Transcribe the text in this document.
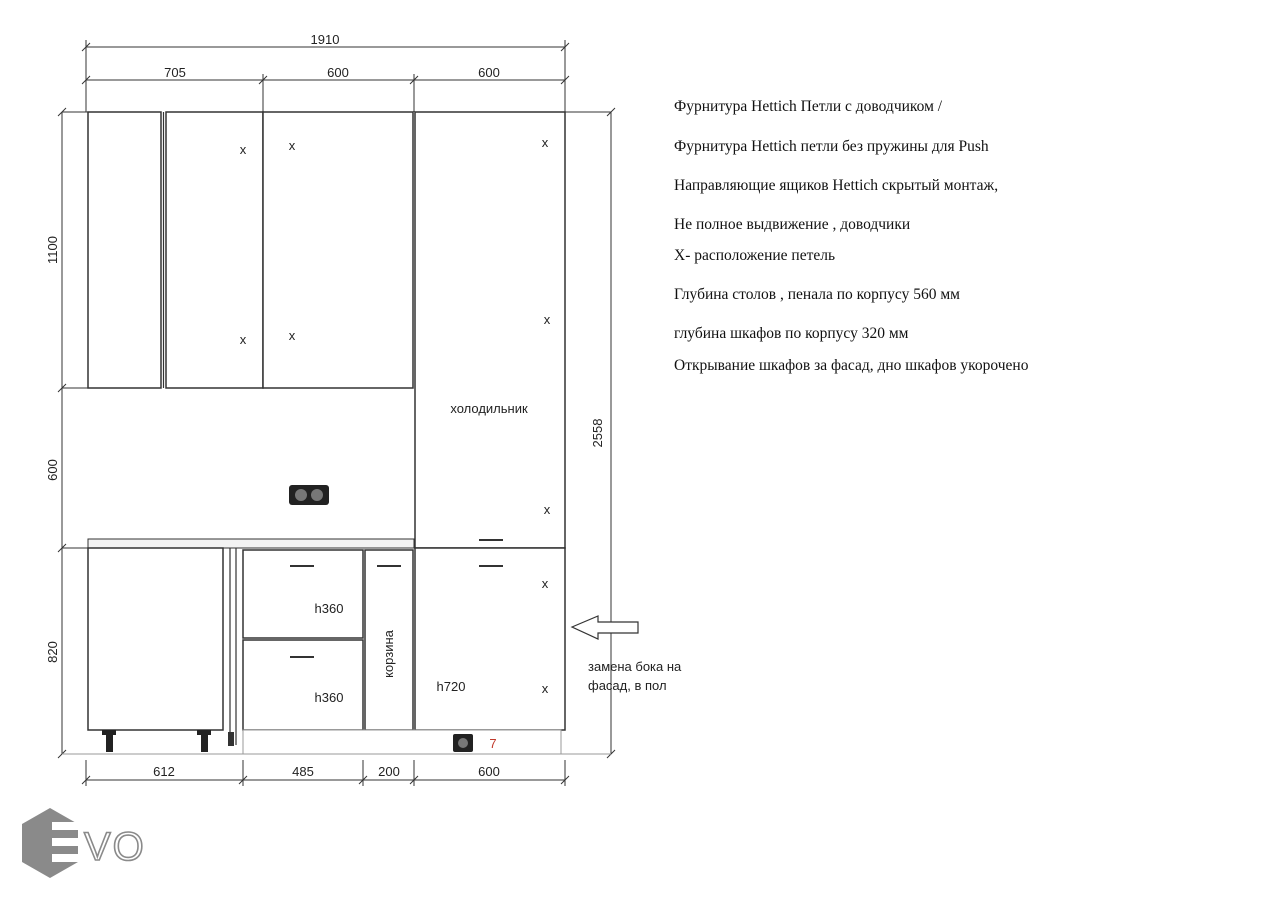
1910
705	600	600
1100
600
820
2558
612	485	200	600
холодильник
h360
h360
корзина
h720
7
x	x
x	x
x
x
x
x
x
VO
Фурнитура Hettich Петли с доводчиком /
Фурнитура Hettich петли без пружины для Push
Направляющие ящиков Hettich скрытый монтаж,
Не полное выдвижение , доводчики
X- расположение петель
Глубина столов , пенала по корпусу 560 мм
глубина шкафов по корпусу 320 мм
Открывание шкафов за фасад, дно шкафов укорочено
замена бока на
фасад, в пол
